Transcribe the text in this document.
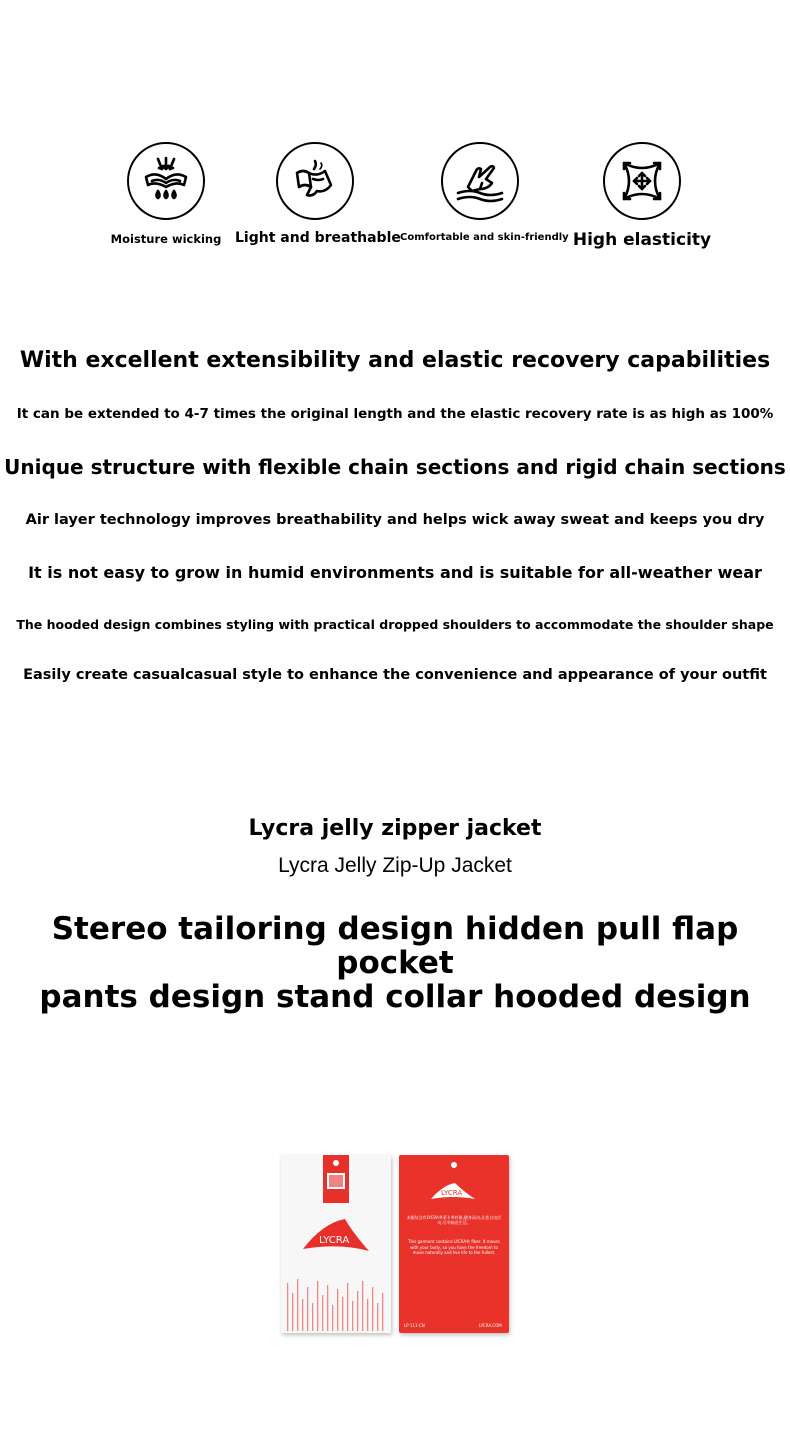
Moisture wicking Light and breathable Comfortable and skin-friendly High elasticity
With excellent extensibility and elastic recovery capabilities
It can be extended to 4-7 times the original length and the elastic recovery rate is as high as 100%
Unique structure with flexible chain sections and rigid chain sections
Air layer technology improves breathability and helps wick away sweat and keeps you dry
It is not easy to grow in humid environments and is suitable for all-weather wear
The hooded design combines styling with practical dropped shoulders to accommodate the shoulder shape
Easily create casualcasual style to enhance the convenience and appearance of your outfit
Lycra jelly zipper jacket
Lycra Jelly Zip-Up Jacket
Stereo tailoring design hidden pull flap pocket
pants design stand collar hooded design
LYCRA
LYCRA
本服装含有LYCRA®莱卡®纤维,随身而动,让您自由活动,尽享畅意生活。
This garment contains LYCRA® fiber. It moves with your body, so you have the freedom to move naturally and live life to the fullest.
LP 111-CN	LYCRA.COM
